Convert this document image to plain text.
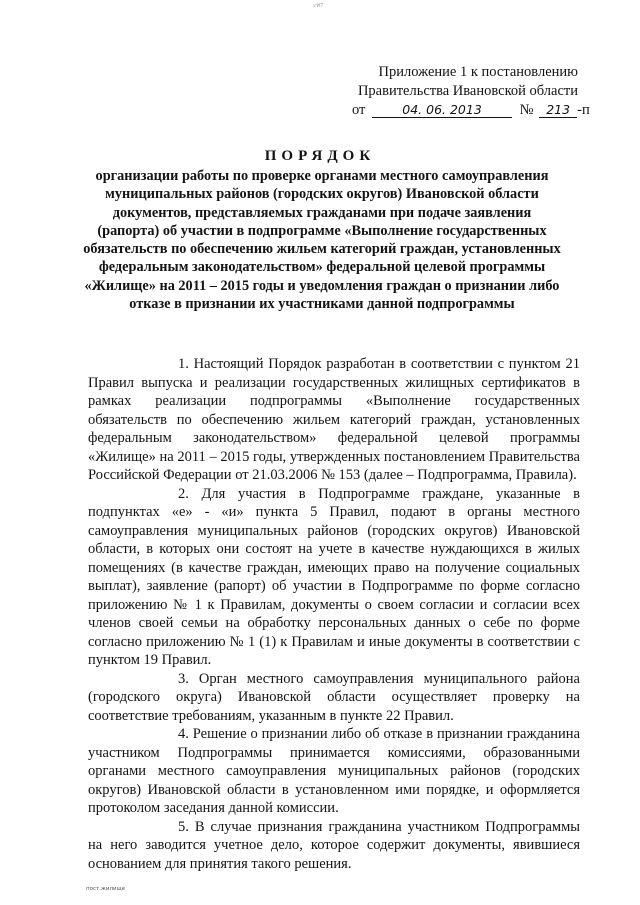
ะท7
Приложение 1 к постановлению
Правительства Ивановской области
от	04. 06. 2013	№ 213 -п
ПОРЯДОК
организации работы по проверке органами местного самоуправления муниципальных районов (городских округов) Ивановской области документов, представляемых гражданами при подаче заявления (рапорта) об участии в подпрограмме «Выполнение государственных обязательств по обеспечению жильем категорий граждан, установленных федеральным законодательством» федеральной целевой программы «Жилище» на 2011 – 2015 годы и уведомления граждан о признании либо отказе в признании их участниками данной подпрограммы

1. Настоящий Порядок разработан в соответствии с пунктом 21 Правил выпуска и реализации государственных жилищных сертификатов в рамках реализации подпрограммы «Выполнение государственных обязательств по обеспечению жильем категорий граждан, установленных федеральным законодательством» федеральной целевой программы «Жилище» на 2011 – 2015 годы, утвержденных постановлением Правительства Российской Федерации от 21.03.2006 № 153 (далее – Подпрограмма, Правила).

2. Для участия в Подпрограмме граждане, указанные в подпунктах «е» - «и» пункта 5 Правил, подают в органы местного самоуправления муниципальных районов (городских округов) Ивановской области, в которых они состоят на учете в качестве нуждающихся в жилых помещениях (в качестве граждан, имеющих право на получение социальных выплат), заявление (рапорт) об участии в Подпрограмме по форме согласно приложению № 1 к Правилам, документы о своем согласии и согласии всех членов своей семьи на обработку персональных данных о себе по форме согласно приложению № 1 (1) к Правилам и иные документы в соответствии с пунктом 19 Правил.

3. Орган местного самоуправления муниципального района (городского округа) Ивановской области осуществляет проверку на соответствие требованиям, указанным в пункте 22 Правил.

4. Решение о признании либо об отказе в признании гражданина участником Подпрограммы принимается комиссиями, образованными органами местного самоуправления муниципальных районов (городских округов) Ивановской области в установленном ими порядке, и оформляется протоколом заседания данной комиссии.

5. В случае признания гражданина участником Подпрограммы на него заводится учетное дело, которое содержит документы, явившиеся основанием для принятия такого решения.

пост.жилище
